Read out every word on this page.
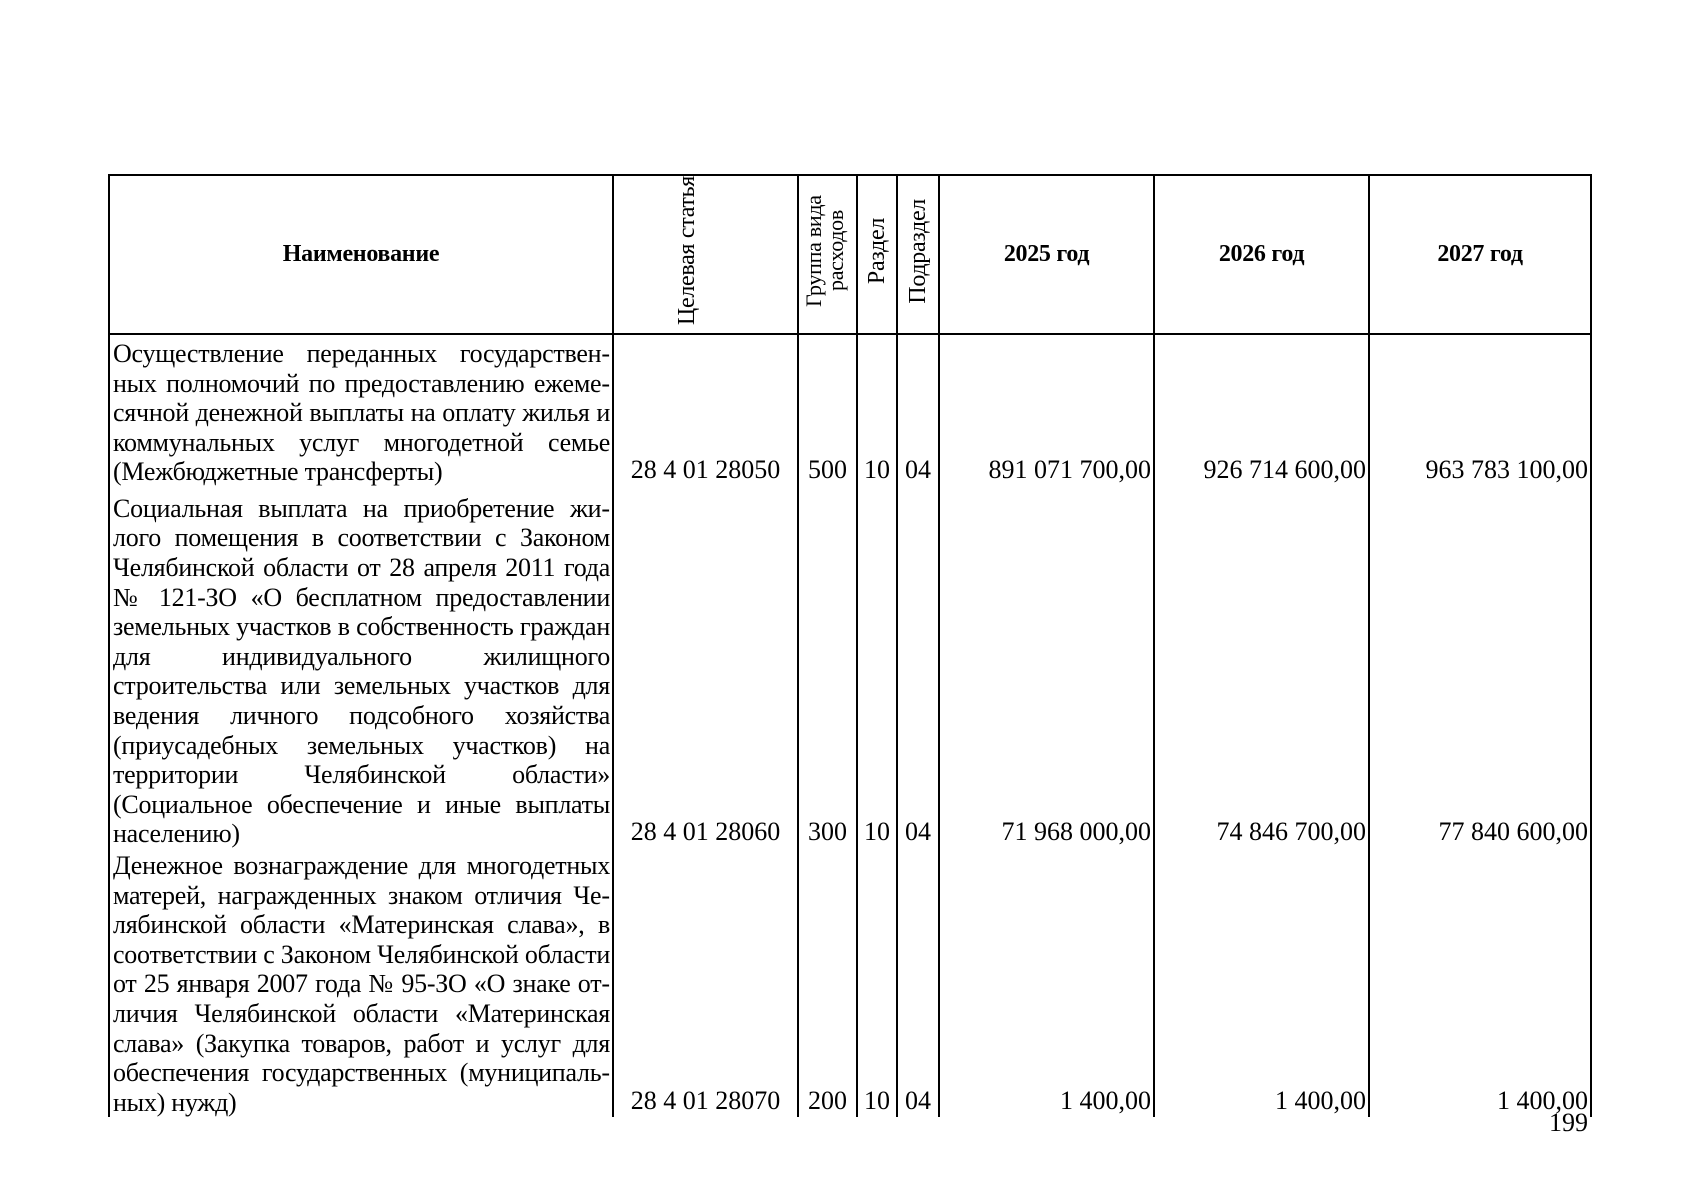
Наименование	Целевая статья	Группа вида расходов	Раздел	Подраздел	2025 год	2026 год	2027 год
Осуществление переданных государственных полномочий по предоставлению ежемесячной денежной выплаты на оплату жилья и коммунальных услуг многодетной семье (Межбюджетные трансферты)	28 4 01 28050	500	10	04	891 071 700,00	926 714 600,00	963 783 100,00
Социальная выплата на приобретение жилого помещения в соответствии с Законом Челябинской области от 28 апреля 2011 года № 121-ЗО «О бесплатном предоставлении земельных участков в собственность граждан для индивидуального жилищного строительства или земельных участков для ведения личного подсобного хозяйства (приусадебных земельных участков) на территории Челябинской области» (Социальное обеспечение и иные выплаты населению)	28 4 01 28060	300	10	04	71 968 000,00	74 846 700,00	77 840 600,00
Денежное вознаграждение для многодетных матерей, награжденных знаком отличия Челябинской области «Материнская слава», в соответствии с Законом Челябинской области от 25 января 2007 года № 95-ЗО «О знаке отличия Челябинской области «Материнская слава» (Закупка товаров, работ и услуг для обеспечения государственных (муниципальных) нужд)	28 4 01 28070	200	10	04	1 400,00	1 400,00	1 400,00
199
